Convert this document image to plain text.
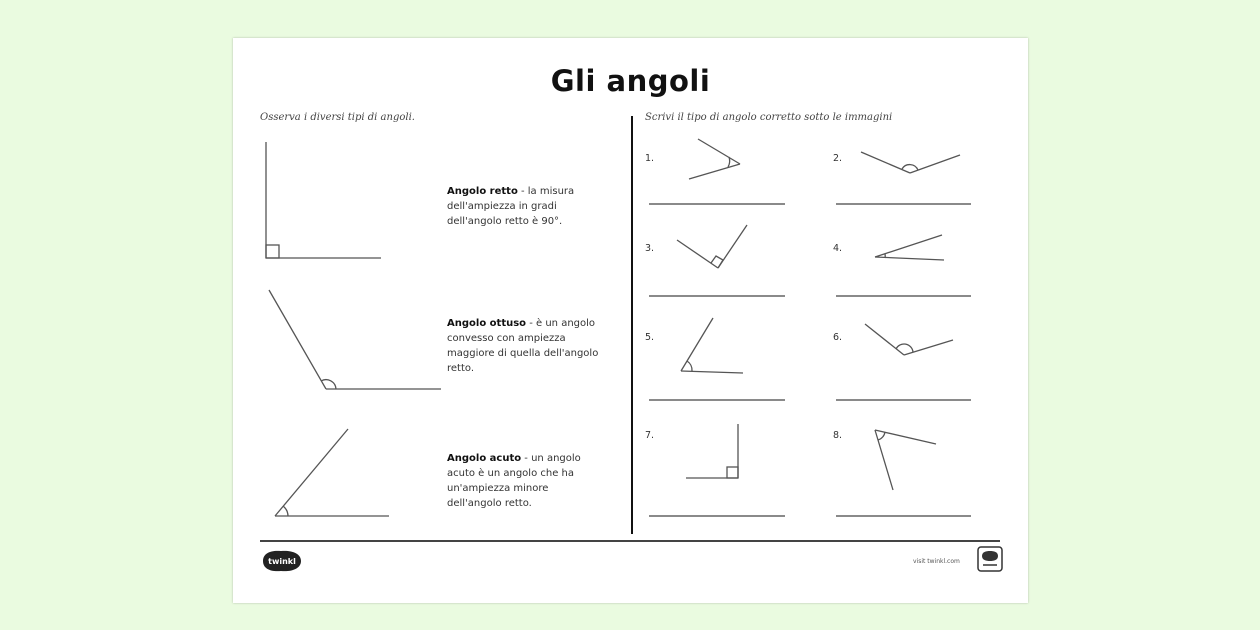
Gli angoli
Osserva i diversi tipi di angoli.	Scrivi il tipo di angolo corretto sotto le immagini
Angolo retto - la misura dell'ampiezza in gradi dell'angolo retto è 90°.
Angolo ottuso - è un angolo convesso con ampiezza maggiore di quella dell'angolo retto.
Angolo acuto - un angolo acuto è un angolo che ha un'ampiezza minore dell'angolo retto.
1.	2.
3.	4.
5.	6.
7.	8.
twinkl	visit twinkl.com
